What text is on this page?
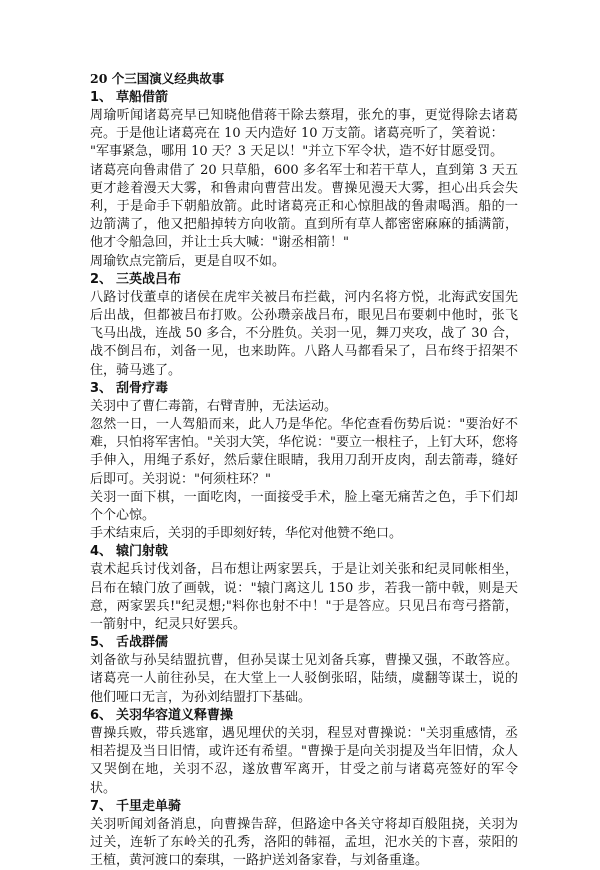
20 个三国演义经典故事
1、 草船借箭

周瑜听闻诸葛亮早已知晓他借蒋干除去蔡瑁，张允的事，更觉得除去诸葛亮。于是他让诸葛亮在 10 天内造好 10 万支箭。诸葛亮听了，笑着说：

"军事紧急，哪用 10 天？3 天足以！"并立下军令状，造不好甘愿受罚。

诸葛亮向鲁肃借了 20 只草船，600 多名军士和若干草人，直到第 3 天五更才趁着漫天大雾，和鲁肃向曹营出发。曹操见漫天大雾，担心出兵会失利，于是命手下朝船放箭。此时诸葛亮正和心惊胆战的鲁肃喝酒。船的一边箭满了，他又把船掉转方向收箭。直到所有草人都密密麻麻的插满箭，他才令船急回，并让士兵大喊："谢丞相箭！"

周瑜钦点完箭后，更是自叹不如。

2、 三英战吕布

八路讨伐董卓的诸侯在虎牢关被吕布拦截，河内名将方悦，北海武安国先后出战，但都被吕布打败。公孙瓒亲战吕布，眼见吕布要刺中他时，张飞飞马出战，连战 50 多合，不分胜负。关羽一见，舞刀夹攻，战了 30 合，战不倒吕布，刘备一见，也来助阵。八路人马都看呆了，吕布终于招架不住，骑马逃了。

3、 刮骨疗毒

关羽中了曹仁毒箭，右臂青肿，无法运动。

忽然一日，一人驾船而来，此人乃是华佗。华佗查看伤势后说："要治好不难，只怕将军害怕。"关羽大笑，华佗说："要立一根柱子，上钉大环，您将手伸入，用绳子系好，然后蒙住眼睛，我用刀刮开皮肉，刮去箭毒，缝好后即可。关羽说："何须柱环？"

关羽一面下棋，一面吃肉，一面接受手术，脸上毫无痛苦之色，手下们却个个心惊。

手术结束后，关羽的手即刻好转，华佗对他赞不绝口。

4、 辕门射戟

袁术起兵讨伐刘备，吕布想让两家罢兵，于是让刘关张和纪灵同帐相坐，吕布在辕门放了画戟，说："辕门离这儿 150 步，若我一箭中戟，则是天意，两家罢兵!"纪灵想;"料你也射不中！"于是答应。只见吕布弯弓搭箭，一箭射中，纪灵只好罢兵。

5、 舌战群儒

刘备欲与孙吴结盟抗曹，但孙吴谋士见刘备兵寡，曹操又强，不敢答应。诸葛亮一人前往孙吴，在大堂上一人驳倒张昭，陆绩，虞翻等谋士，说的他们哑口无言，为孙刘结盟打下基础。

6、 关羽华容道义释曹操

曹操兵败，带兵逃窜，遇见埋伏的关羽，程昱对曹操说："关羽重感情，丞相若提及当日旧情，或许还有希望。"曹操于是向关羽提及当年旧情，众人又哭倒在地，关羽不忍，遂放曹军离开，甘受之前与诸葛亮签好的军令状。

7、 千里走单骑

关羽听闻刘备消息，向曹操告辞，但路途中各关守将却百般阻挠，关羽为过关，连斩了东岭关的孔秀，洛阳的韩福，孟坦，汜水关的卞喜，荥阳的王植，黄河渡口的秦琪，一路护送刘备家眷，与刘备重逢。
